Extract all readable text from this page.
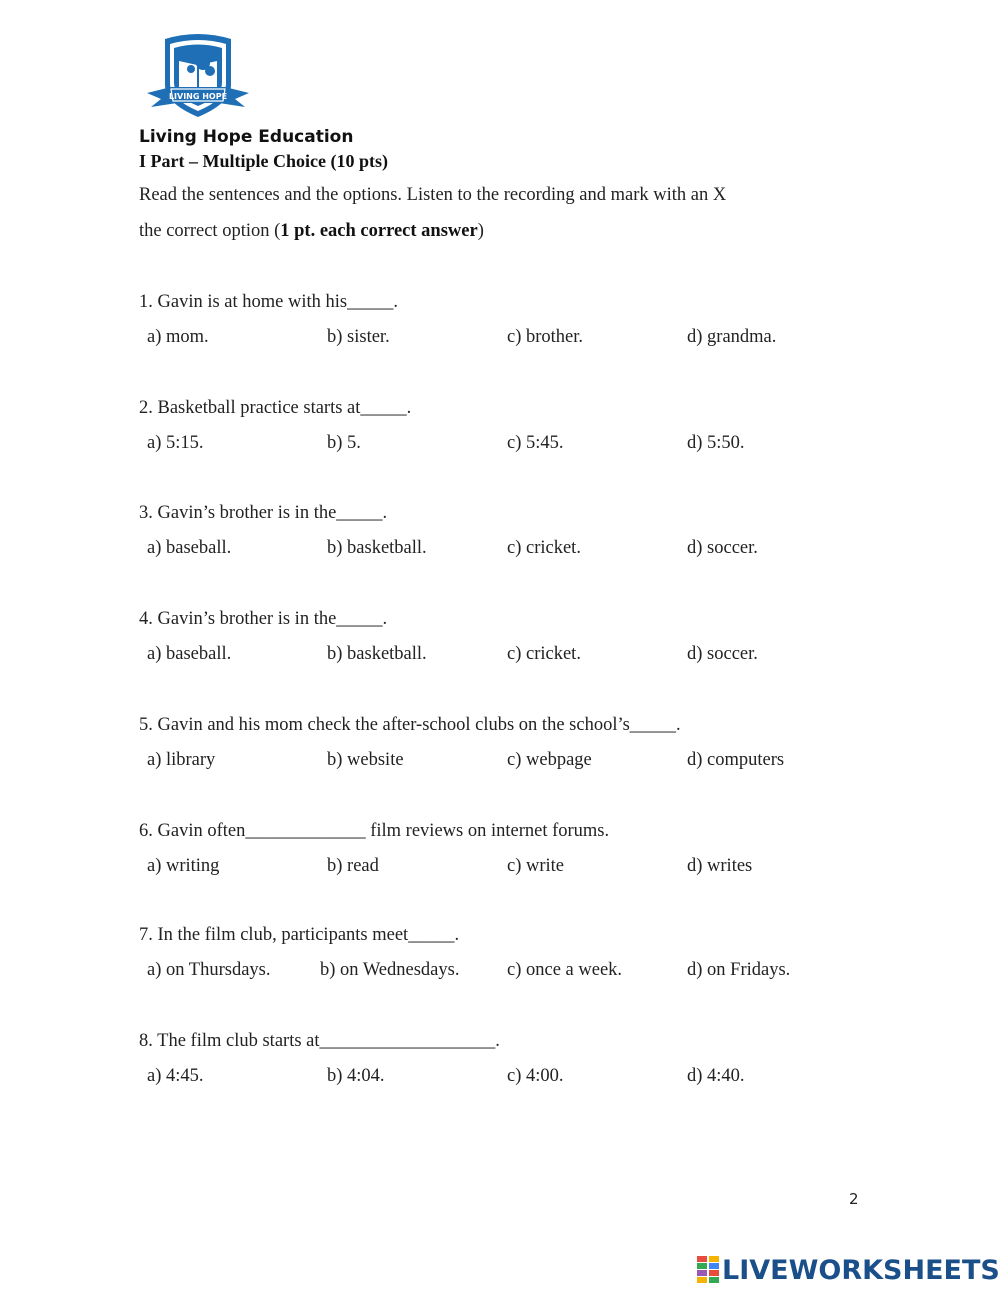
LIVING HOPE
Living Hope Education
I Part – Multiple Choice (10 pts)
Read the sentences and the options. Listen to the recording and mark with an X
the correct option (1 pt. each correct answer)
1. Gavin is at home with his_____.
a) mom.	b) sister.	c) brother.	d) grandma.
2. Basketball practice starts at_____.
a) 5:15.	b) 5.	c) 5:45.	d) 5:50.
3. Gavin’s brother is in the_____.
a) baseball.	b) basketball.	c) cricket.	d) soccer.
4. Gavin’s brother is in the_____.
a) baseball.	b) basketball.	c) cricket.	d) soccer.
5. Gavin and his mom check the after-school clubs on the school’s_____.
a) library	b) website	c) webpage	d) computers
6. Gavin often_____________ film reviews on internet forums.
a) writing	b) read	c) write	d) writes
7. In the film club, participants meet_____.
a) on Thursdays.	b) on Wednesdays.	c) once a week.	d) on Fridays.
8. The film club starts at___________________.
a) 4:45.	b) 4:04.	c) 4:00.	d) 4:40.
2
LIVEWORKSHEETS
